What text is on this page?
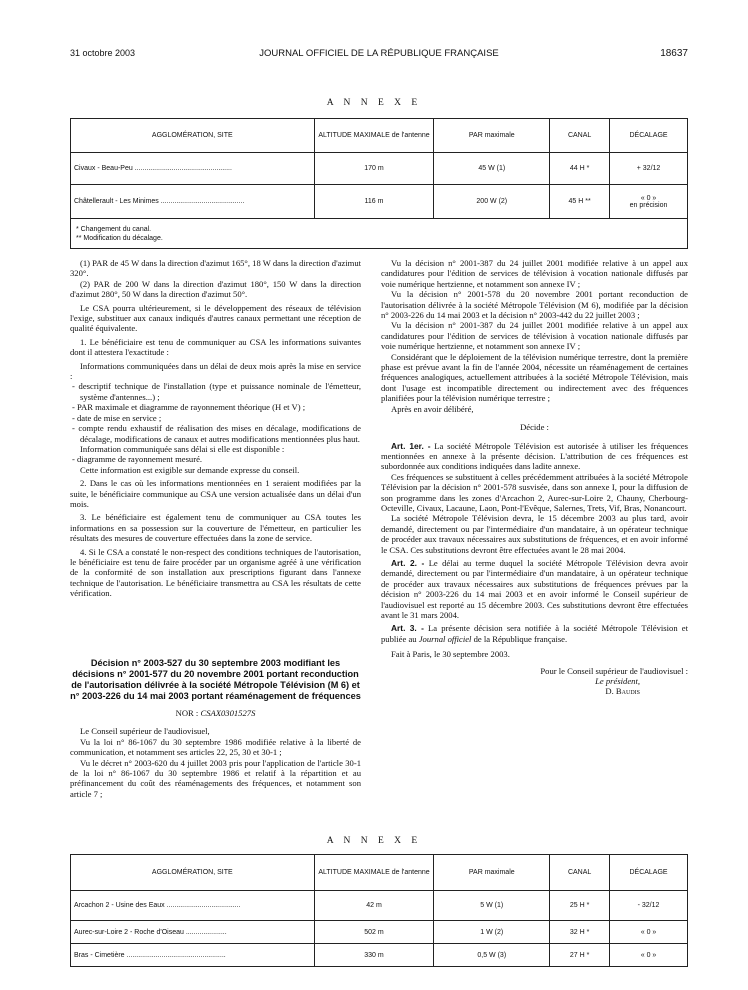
31 octobre 2003	JOURNAL OFFICIEL DE LA RÉPUBLIQUE FRANÇAISE	18637
A N N E X E
AGGLOMÉRATION, SITE	ALTITUDE MAXIMALE de l'antenne	PAR maximale	CANAL	DÉCALAGE
Civaux - Beau-Peu ..................................................	170 m	45 W (1)	44 H *	+ 32/12
Châtellerault - Les Minimes ...........................................	116 m	200 W (2)	45 H **	« 0 »
en précision

* Changement du canal.
** Modification du décalage.				

(1) PAR de 45 W dans la direction d'azimut 165°, 18 W dans la direction d'azimut 320°.

(2) PAR de 200 W dans la direction d'azimut 180°, 150 W dans la direction d'azimut 280°, 50 W dans la direction d'azimut 50°.

Le CSA pourra ultérieurement, si le développement des réseaux de télévision l'exige, substituer aux canaux indiqués d'autres canaux permettant une réception de qualité équivalente.

1. Le bénéficiaire est tenu de communiquer au CSA les informations suivantes dont il attestera l'exactitude :

Informations communiquées dans un délai de deux mois après la mise en service :

- descriptif technique de l'installation (type et puissance nominale de l'émetteur, système d'antennes...) ;

- PAR maximale et diagramme de rayonnement théorique (H et V) ;

- date de mise en service ;

- compte rendu exhaustif de réalisation des mises en décalage, modifications de décalage, modifications de canaux et autres modifications mentionnées plus haut.

Information communiquée sans délai si elle est disponible :

- diagramme de rayonnement mesuré.

Cette information est exigible sur demande expresse du conseil.

2. Dans le cas où les informations mentionnées en 1 seraient modifiées par la suite, le bénéficiaire communique au CSA une version actualisée dans un délai d'un mois.

3. Le bénéficiaire est également tenu de communiquer au CSA toutes les informations en sa possession sur la couverture de l'émetteur, en particulier les résultats des mesures de couverture effectuées dans la zone de service.

4. Si le CSA a constaté le non-respect des conditions techniques de l'autorisation, le bénéficiaire est tenu de faire procéder par un organisme agréé à une vérification de la conformité de son installation aux prescriptions figurant dans l'annexe technique de l'autorisation. Le bénéficiaire transmettra au CSA les résultats de cette vérification.

Décision n° 2003-527 du 30 septembre 2003 modifiant les décisions n° 2001-577 du 20 novembre 2001 portant reconduction de l'autorisation délivrée à la société Métropole Télévision (M 6) et n° 2003-226 du 14 mai 2003 portant réaménagement de fréquences

NOR : CSAX0301527S

Le Conseil supérieur de l'audiovisuel,

Vu la loi n° 86-1067 du 30 septembre 1986 modifiée relative à la liberté de communication, et notamment ses articles 22, 25, 30 et 30-1 ;

Vu le décret n° 2003-620 du 4 juillet 2003 pris pour l'application de l'article 30-1 de la loi n° 86-1067 du 30 septembre 1986 et relatif à la répartition et au préfinancement du coût des réaménagements des fréquences, et notamment son article 7 ;

Vu la décision n° 2001-387 du 24 juillet 2001 modifiée relative à un appel aux candidatures pour l'édition de services de télévision à vocation nationale diffusés par voie numérique hertzienne, et notamment son annexe IV ;

Vu la décision n° 2001-578 du 20 novembre 2001 portant reconduction de l'autorisation délivrée à la société Métropole Télévision (M 6), modifiée par la décision n° 2003-226 du 14 mai 2003 et la décision n° 2003-442 du 22 juillet 2003 ;

Vu la décision n° 2001-387 du 24 juillet 2001 modifiée relative à un appel aux candidatures pour l'édition de services de télévision à vocation nationale diffusés par voie numérique hertzienne, et notamment son annexe IV ;

Considérant que le déploiement de la télévision numérique terrestre, dont la première phase est prévue avant la fin de l'année 2004, nécessite un réaménagement de certaines fréquences analogiques, actuellement attribuées à la société Métropole Télévision, mais dont l'usage est incompatible directement ou indirectement avec des fréquences planifiées pour la télévision numérique terrestre ;

Après en avoir délibéré,

Décide :

Art. 1er. - La société Métropole Télévision est autorisée à utiliser les fréquences mentionnées en annexe à la présente décision. L'attribution de ces fréquences est subordonnée aux conditions indiquées dans ladite annexe.

Ces fréquences se substituent à celles précédemment attribuées à la société Métropole Télévision par la décision n° 2001-578 susvisée, dans son annexe I, pour la diffusion de son programme dans les zones d'Arcachon 2, Aurec-sur-Loire 2, Chauny, Cherbourg-Octeville, Civaux, Lacaune, Laon, Pont-l'Evêque, Salernes, Trets, Vif, Bras, Nonancourt.

La société Métropole Télévision devra, le 15 décembre 2003 au plus tard, avoir demandé, directement ou par l'intermédiaire d'un mandataire, à un opérateur technique de procéder aux travaux nécessaires aux substitutions de fréquences, et en avoir informé le CSA. Ces substitutions devront être effectuées avant le 28 mai 2004.

Art. 2. - Le délai au terme duquel la société Métropole Télévision devra avoir demandé, directement ou par l'intermédiaire d'un mandataire, à un opérateur technique de procéder aux travaux nécessaires aux substitutions de fréquences prévues par la décision n° 2003-226 du 14 mai 2003 et en avoir informé le Conseil supérieur de l'audiovisuel est reporté au 15 décembre 2003. Ces substitutions devront être effectuées avant le 31 mars 2004.

Art. 3. - La présente décision sera notifiée à la société Métropole Télévision et publiée au Journal officiel de la République française.

Fait à Paris, le 30 septembre 2003.

Pour le Conseil supérieur de l'audiovisuel :

Le président,

D. Baudis

A N N E X E
AGGLOMÉRATION, SITE	ALTITUDE MAXIMALE de l'antenne	PAR maximale	CANAL	DÉCALAGE
Arcachon 2 - Usine des Eaux ......................................	42 m	5 W (1)	25 H *	- 32/12
Aurec-sur-Loire 2 - Roche d'Oiseau .....................	502 m	1 W (2)	32 H *	« 0 »
Bras - Cimetière ...................................................	330 m	0,5 W (3)	27 H *	« 0 »
